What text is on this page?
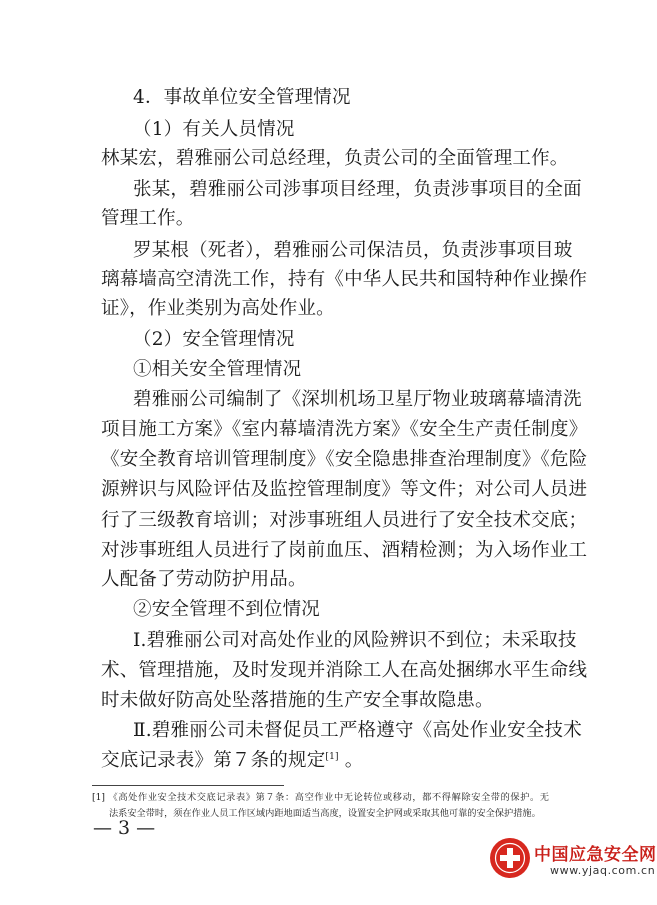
4．事故单位安全管理情况
（1）有关人员情况
林某宏，碧雅丽公司总经理，负责公司的全面管理工作。
张某，碧雅丽公司涉事项目经理，负责涉事项目的全面
管理工作。
罗某根（死者），碧雅丽公司保洁员，负责涉事项目玻
璃幕墙高空清洗工作，持有《中华人民共和国特种作业操作
证》，作业类别为高处作业。
（2）安全管理情况
①相关安全管理情况
碧雅丽公司编制了《深圳机场卫星厅物业玻璃幕墙清洗
项目施工方案》《室内幕墙清洗方案》《安全生产责任制度》
《安全教育培训管理制度》《安全隐患排查治理制度》《危险
源辨识与风险评估及监控管理制度》等文件；对公司人员进
行了三级教育培训；对涉事班组人员进行了安全技术交底；
对涉事班组人员进行了岗前血压、酒精检测；为入场作业工
人配备了劳动防护用品。
②安全管理不到位情况
Ⅰ.碧雅丽公司对高处作业的风险辨识不到位；未采取技
术、管理措施，及时发现并消除工人在高处捆绑水平生命线
时未做好防高处坠落措施的生产安全事故隐患。
Ⅱ.碧雅丽公司未督促员工严格遵守《高处作业安全技术
交底记录表》第７条的规定[1] 。
[1] 《高处作业安全技术交底记录表》第７条：高空作业中无论转位或移动，都不得解除安全带的保护。无
法系安全带时，须在作业人员工作区域内距地面适当高度，设置安全护网或采取其他可靠的安全保护措施。
— 3 —
中国应急安全网
www.yjaq.com.cn
